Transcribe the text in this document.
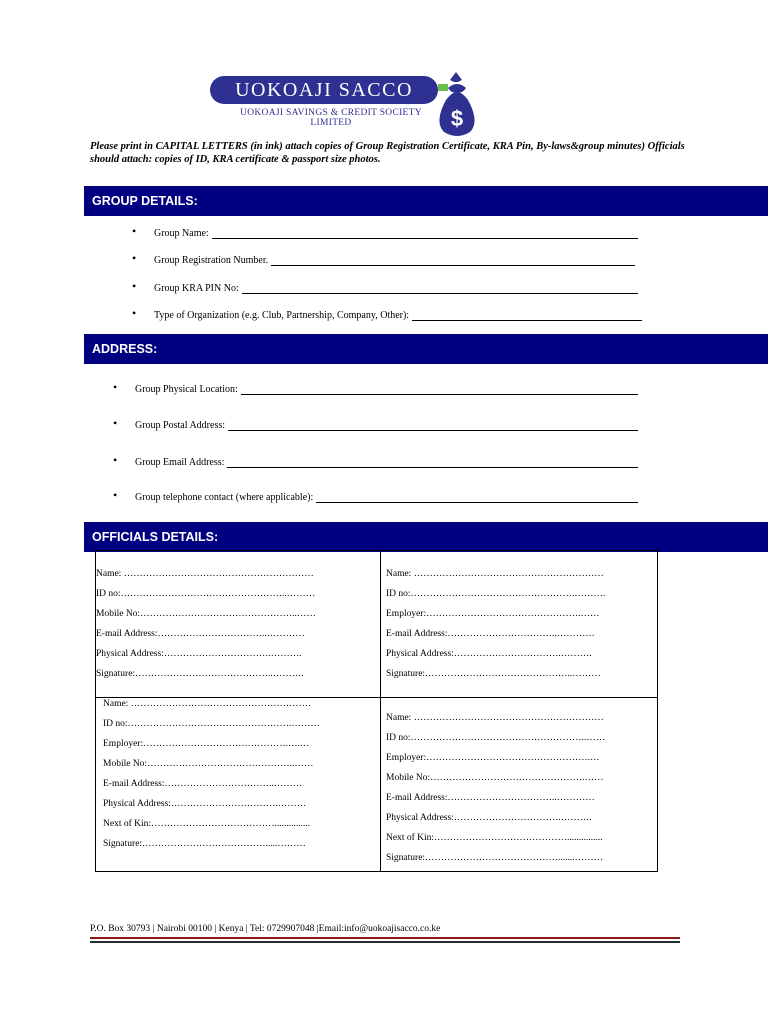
UOKOAJI SACCO
UOKOAJI SAVINGS & CREDIT SOCIETY LIMITED	$
Please print in CAPITAL LETTERS (in ink) attach copies of Group Registration Certificate, KRA Pin, By-laws&group minutes) Officials should attach: copies of ID, KRA certificate & passport size photos.
GROUP DETAILS:
•	Group Name:
•	Group Registration Number.
•	Group KRA PIN No:
•	Type of Organization (e.g. Club, Partnership, Company, Other):
ADDRESS:
•	Group Physical Location:
•	Group Postal Address:
•	Group Email Address:
•	Group telephone contact (where applicable):
OFFICIALS DETAILS:
Name: ……………………………………………………
ID no:……………………………………………..………
Mobile No:…………………………………………..……
E-mail Address:……………………………..…………
Physical Address:…………………………….……….
Signature:……………………………………..……….
Name: ……………………………………………………
ID no:…………………………………………….……….
Employer:………………………………………….……
E-mail Address:……………………………..…………
Physical Address:…………………………….……….
Signature:………………………………………..………
Name: …………………………………………………
ID no:…………………………………………….………
Employer:……………………………………….….…
Mobile No:………………………………………..……
E-mail Address:……………………………..………
Physical Address:…………………………….………
Next of Kin:…………………………………...............
Signature:………………………………….....………
Name: ……………………………………………………
ID no:………………………………………………..……
Employer:…………………………………………….…
Mobile No:………………………………………….……
E-mail Address:……………………………..…………
Physical Address:…………………………….……….
Next of Kin:……………………………………...............
Signature:…………………………………….......………
P.O. Box 30793 | Nairobi 00100 | Kenya | Tel: 0729907048 |Email:info@uokoajisacco.co.ke
